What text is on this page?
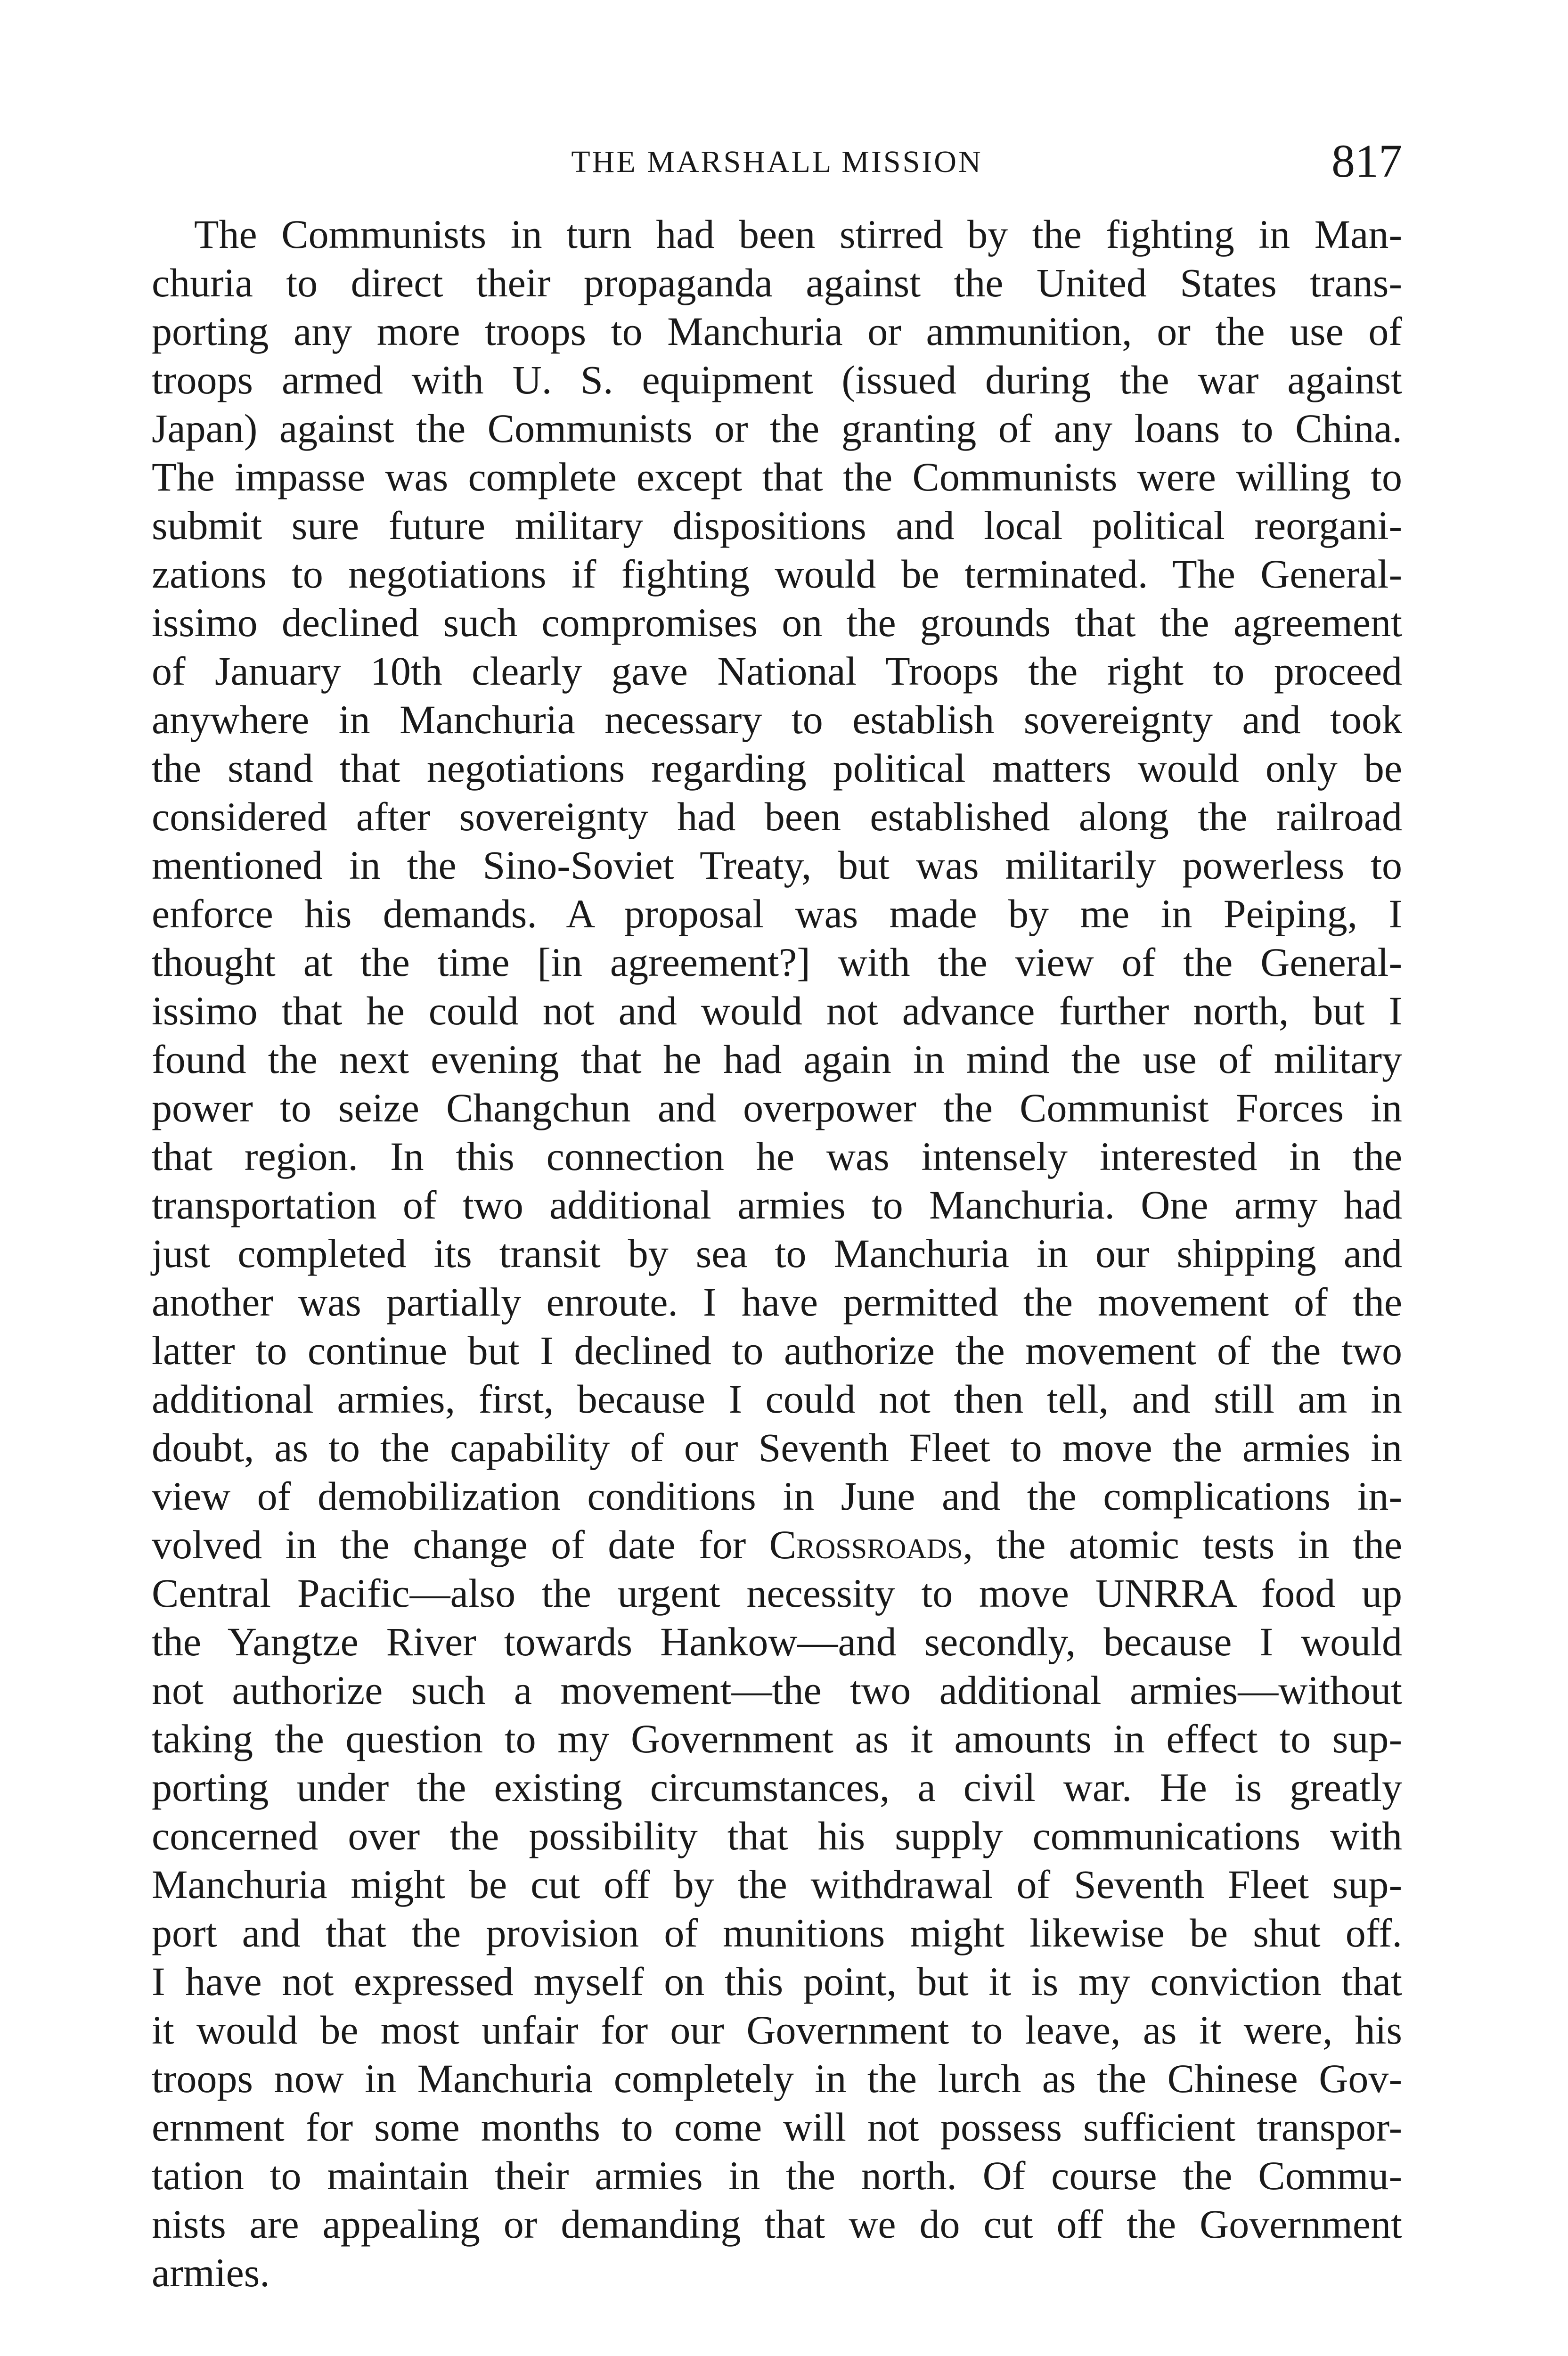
THE MARSHALL MISSION	817
The Communists in turn had been stirred by the fighting in Man-
churia to direct their propaganda against the United States trans-
porting any more troops to Manchuria or ammunition, or the use of
troops armed with U. S. equipment (issued during the war against
Japan) against the Communists or the granting of any loans to China.
The impasse was complete except that the Communists were willing to
submit sure future military dispositions and local political reorgani-
zations to negotiations if fighting would be terminated. The General-
issimo declined such compromises on the grounds that the agreement
of January 10th clearly gave National Troops the right to proceed
anywhere in Manchuria necessary to establish sovereignty and took
the stand that negotiations regarding political matters would only be
considered after sovereignty had been established along the railroad
mentioned in the Sino-Soviet Treaty, but was militarily powerless to
enforce his demands. A proposal was made by me in Peiping, I
thought at the time [in agreement?] with the view of the General-
issimo that he could not and would not advance further north, but I
found the next evening that he had again in mind the use of military
power to seize Changchun and overpower the Communist Forces in
that region. In this connection he was intensely interested in the
transportation of two additional armies to Manchuria. One army had
just completed its transit by sea to Manchuria in our shipping and
another was partially enroute. I have permitted the movement of the
latter to continue but I declined to authorize the movement of the two
additional armies, first, because I could not then tell, and still am in
doubt, as to the capability of our Seventh Fleet to move the armies in
view of demobilization conditions in June and the complications in-
volved in the change of date for Crossroads, the atomic tests in the
Central Pacific—also the urgent necessity to move UNRRA food up
the Yangtze River towards Hankow—and secondly, because I would
not authorize such a movement—the two additional armies—without
taking the question to my Government as it amounts in effect to sup-
porting under the existing circumstances, a civil war. He is greatly
concerned over the possibility that his supply communications with
Manchuria might be cut off by the withdrawal of Seventh Fleet sup-
port and that the provision of munitions might likewise be shut off.
I have not expressed myself on this point, but it is my conviction that
it would be most unfair for our Government to leave, as it were, his
troops now in Manchuria completely in the lurch as the Chinese Gov-
ernment for some months to come will not possess sufficient transpor-
tation to maintain their armies in the north. Of course the Commu-
nists are appealing or demanding that we do cut off the Government
armies.
